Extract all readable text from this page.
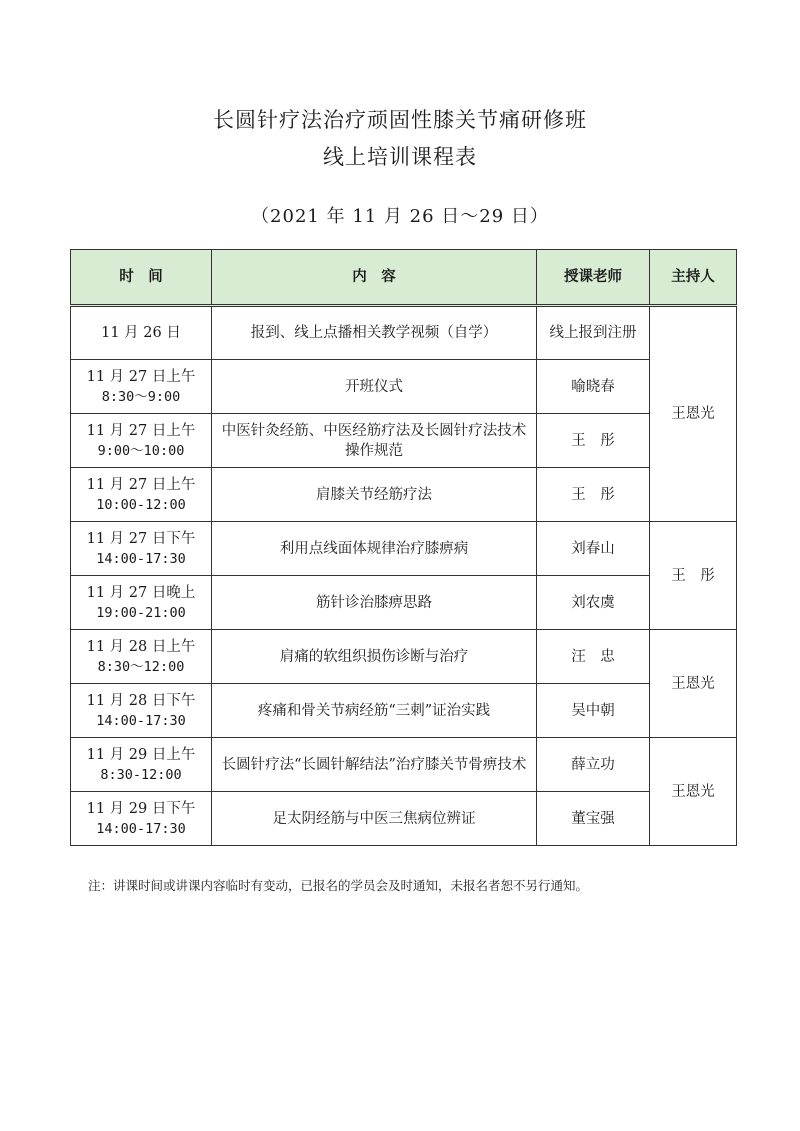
长圆针疗法治疗顽固性膝关节痛研修班
线上培训课程表
（2021 年 11 月 26 日～29 日）
时　间	内　容	授课老师	主持人

11 月 26 日	报到、线上点播相关教学视频（自学）	线上报到注册	王恩光

11 月 27 日上午
8:30～9:00	开班仪式	喻晓春	

11 月 27 日上午
9:00～10:00	中医针灸经筋、中医经筋疗法及长圆针疗法技术操作规范	王　彤	

11 月 27 日上午
10:00-12:00	肩膝关节经筋疗法	王　彤	

11 月 27 日下午
14:00-17:30	利用点线面体规律治疗膝痹病	刘春山	王　彤

11 月 27 日晚上
19:00-21:00	筋针诊治膝痹思路	刘农虞	

11 月 28 日上午
8:30～12:00	肩痛的软组织损伤诊断与治疗	汪　忠	王恩光

11 月 28 日下午
14:00-17:30	疼痛和骨关节病经筋“三刺”证治实践	吴中朝	

11 月 29 日上午
8:30-12:00	长圆针疗法“长圆针解结法”治疗膝关节骨痹技术	薛立功	王恩光

11 月 29 日下午
14:00-17:30	足太阴经筋与中医三焦病位辨证	董宝强	
注：讲课时间或讲课内容临时有变动，已报名的学员会及时通知，未报名者恕不另行通知。
